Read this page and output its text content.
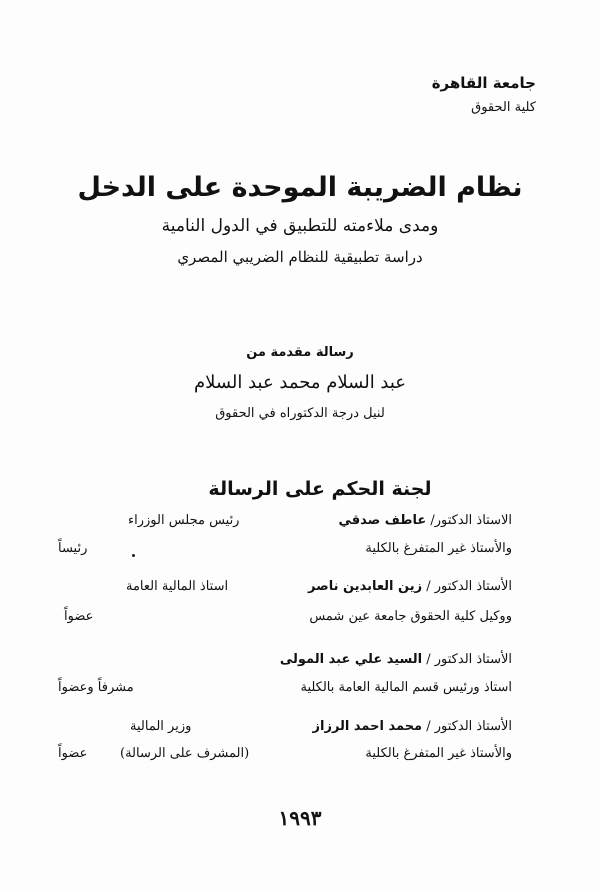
جامعة القاهرة
كلية الحقوق
نظام الضريبة الموحدة على الدخل
ومدى ملاءمته للتطبيق في الدول النامية
دراسة تطبيقية للنظام الضريبي المصري
رسالة مقدمة من
عبد السلام محمد عبد السلام
لنيل درجة الدكتوراه في الحقوق
لجنة الحكم على الرسالة
الاستاذ الدكتور/ عاطف صدقي
رئيس مجلس الوزراء
والأستاذ غير المتفرغ بالكلية
رئيساً
الأستاذ الدكتور / زين العابدين ناصر
استاذ المالية العامة
ووكيل كلية الحقوق جامعة عين شمس
عضواً
الأستاذ الدكتور / السيد علي عبد المولى
استاذ ورئيس قسم المالية العامة بالكلية
مشرفاً وعضواً
الأستاذ الدكتور / محمد احمد الرزاز
وزير المالية
والأستاذ غير المتفرغ بالكلية
(المشرف على الرسالة)
عضواً
١٩٩٣
